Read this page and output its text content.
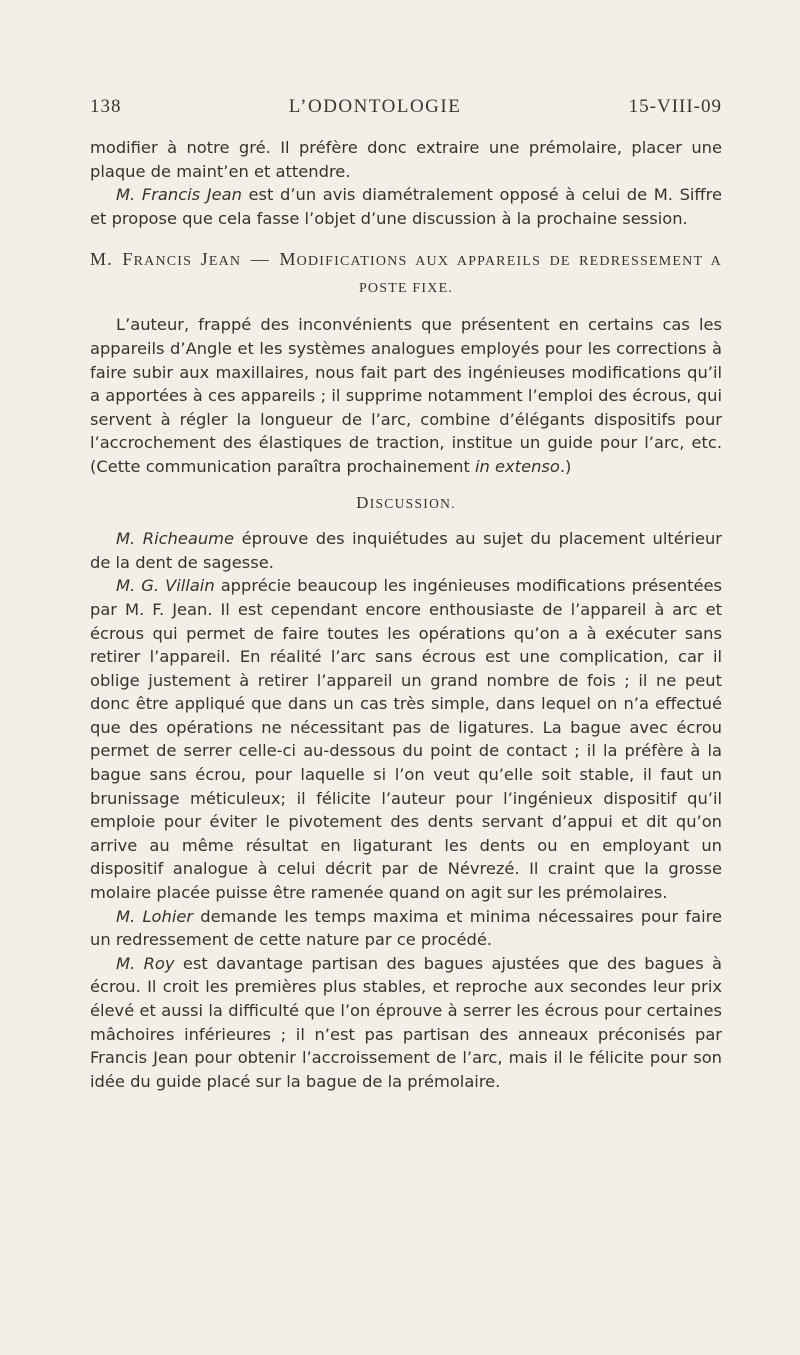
138	L’ODONTOLOGIE	15-VIII-09

modifier à notre gré. Il préfère donc extraire une prémolaire, placer une plaque de maint’en et attendre.

M. Francis Jean est d’un avis diamétralement opposé à celui de M. Siffre et propose que cela fasse l’objet d’une discussion à la prochaine session.

M. FRANCIS JEAN — MODIFICATIONS AUX APPAREILS DE REDRESSEMENT A POSTE FIXE.

L’auteur, frappé des inconvénients que présentent en certains cas les appareils d’Angle et les systèmes analogues employés pour les corrections à faire subir aux maxillaires, nous fait part des ingénieuses modifications qu’il a apportées à ces appareils ; il supprime notamment l’emploi des écrous, qui servent à régler la longueur de l’arc, combine d’élégants dispositifs pour l’accrochement des élastiques de traction, institue un guide pour l’arc, etc. (Cette communication paraîtra prochainement in extenso.)

DISCUSSION.

M. Richeaume éprouve des inquiétudes au sujet du placement ultérieur de la dent de sagesse.

M. G. Villain apprécie beaucoup les ingénieuses modifications présentées par M. F. Jean. Il est cependant encore enthousiaste de l’appareil à arc et écrous qui permet de faire toutes les opérations qu’on a à exécuter sans retirer l’appareil. En réalité l’arc sans écrous est une complication, car il oblige justement à retirer l’appareil un grand nombre de fois ; il ne peut donc être appliqué que dans un cas très simple, dans lequel on n’a effectué que des opérations ne nécessitant pas de ligatures. La bague avec écrou permet de serrer celle-ci au-dessous du point de contact ; il la préfère à la bague sans écrou, pour laquelle si l’on veut qu’elle soit stable, il faut un brunissage méticuleux; il félicite l’auteur pour l’ingénieux dispositif qu’il emploie pour éviter le pivotement des dents servant d’appui et dit qu’on arrive au même résultat en ligaturant les dents ou en employant un dispositif analogue à celui décrit par de Névrezé. Il craint que la grosse molaire placée puisse être ramenée quand on agit sur les prémolaires.

M. Lohier demande les temps maxima et minima nécessaires pour faire un redressement de cette nature par ce procédé.

M. Roy est davantage partisan des bagues ajustées que des bagues à écrou. Il croit les premières plus stables, et reproche aux secondes leur prix élevé et aussi la difficulté que l’on éprouve à serrer les écrous pour certaines mâchoires inférieures ; il n’est pas partisan des anneaux préconisés par Francis Jean pour obtenir l’accroissement de l’arc, mais il le félicite pour son idée du guide placé sur la bague de la prémolaire.
